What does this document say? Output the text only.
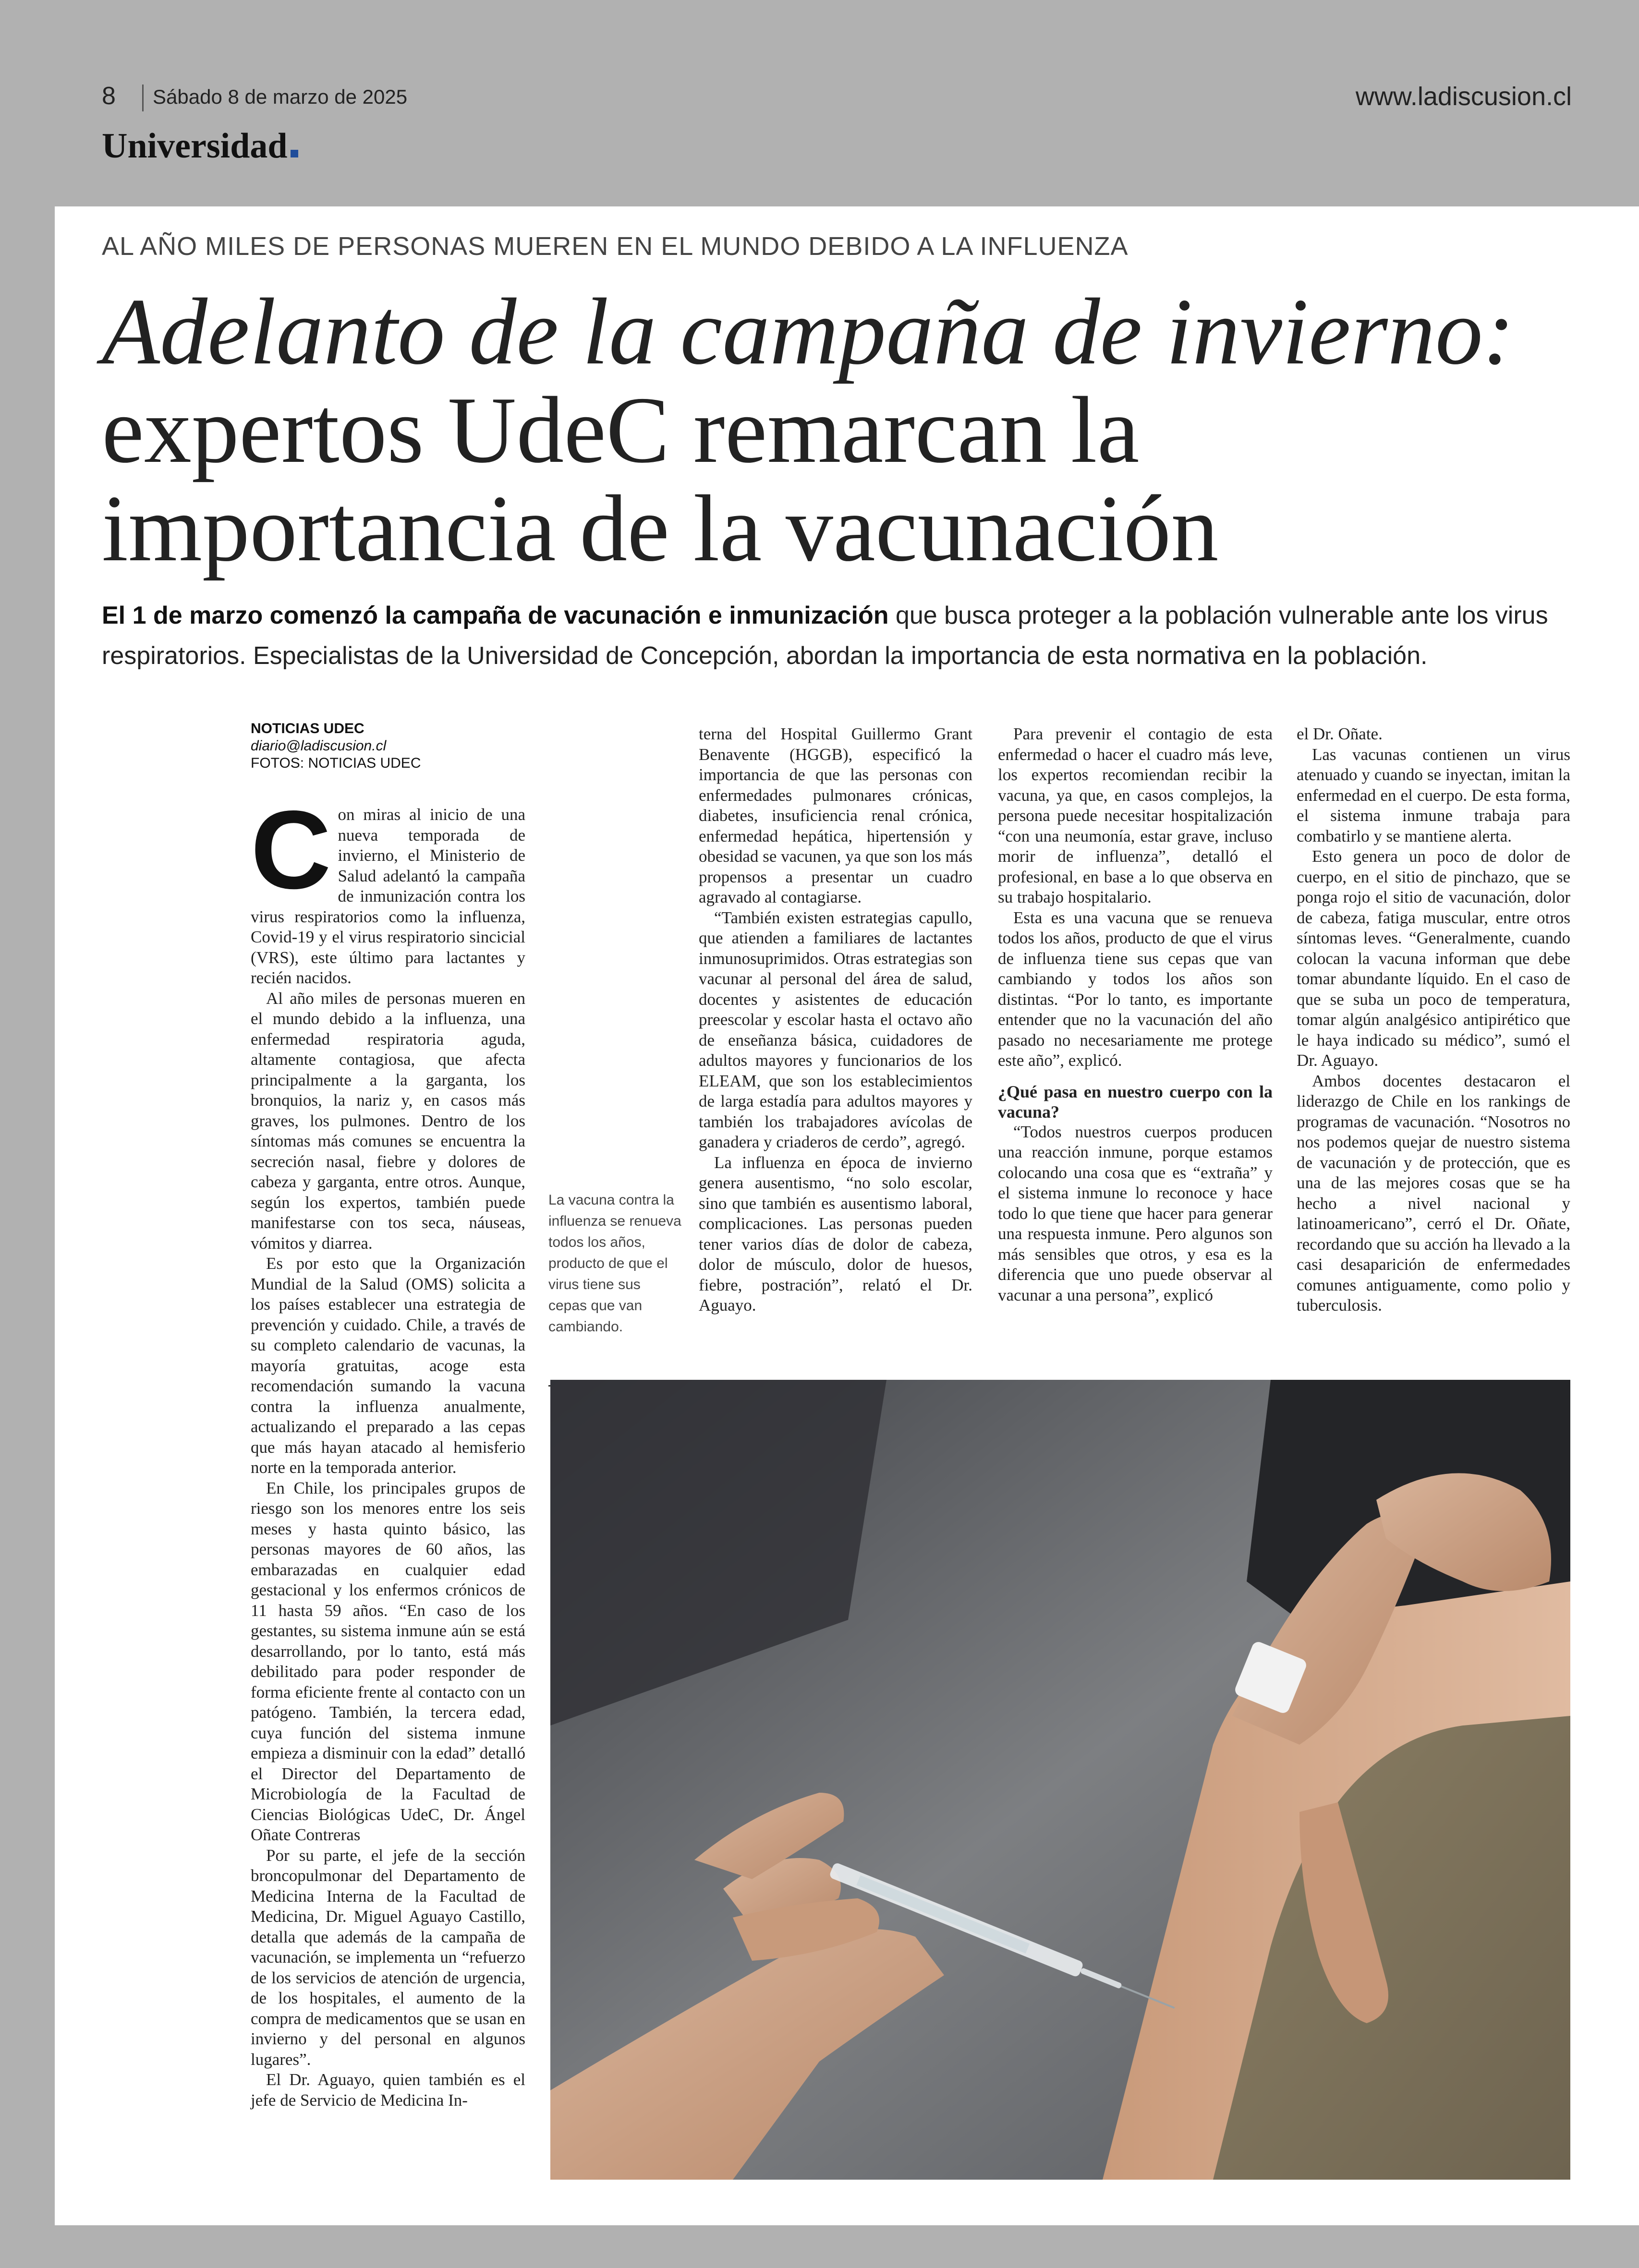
8 Sábado 8 de marzo de 2025	www.ladiscusion.cl
Universidad
AL AÑO MILES DE PERSONAS MUEREN EN EL MUNDO DEBIDO A LA INFLUENZA
Adelanto de la campaña de invierno:
expertos UdeC remarcan la
importancia de la vacunación
El 1 de marzo comenzó la campaña de vacunación e inmunización que busca proteger a la población vulnerable ante los virus respiratorios. Especialistas de la Universidad de Concepción, abordan la importancia de esta normativa en la población.
NOTICIAS UDEC
diario@ladiscusion.cl
FOTOS: NOTICIAS UDEC
C on miras al inicio de una nueva temporada de invierno, el Ministerio de Salud adelantó la campaña de inmunización contra los virus respiratorios como la influenza, Covid-19 y el virus respiratorio sincicial (VRS), este último para lactantes y recién nacidos.

Al año miles de personas mueren en el mundo debido a la influenza, una enfermedad respiratoria aguda, altamente contagiosa, que afecta principalmente a la garganta, los bronquios, la nariz y, en casos más graves, los pulmones. Dentro de los síntomas más comunes se encuentra la secreción nasal, fiebre y dolores de cabeza y garganta, entre otros. Aunque, según los expertos, también puede manifestarse con tos seca, náuseas, vómitos y diarrea.

Es por esto que la Organización Mundial de la Salud (OMS) solicita a los países establecer una estrategia de prevención y cuidado. Chile, a través de su completo calendario de vacunas, la mayoría gratuitas, acoge esta recomendación sumando la vacuna contra la influenza anualmente, actualizando el preparado a las cepas que más hayan atacado al hemisferio norte en la temporada anterior.

En Chile, los principales grupos de riesgo son los menores entre los seis meses y hasta quinto básico, las personas mayores de 60 años, las embarazadas en cualquier edad gestacional y los enfermos crónicos de 11 hasta 59 años. “En caso de los gestantes, su sistema inmune aún se está desarrollando, por lo tanto, está más debilitado para poder responder de forma eficiente frente al contacto con un patógeno. También, la tercera edad, cuya función del sistema inmune empieza a disminuir con la edad” detalló el Director del Departamento de Microbiología de la Facultad de Ciencias Biológicas UdeC, Dr. Ángel Oñate Contreras

Por su parte, el jefe de la sección broncopulmonar del Departamento de Medicina Interna de la Facultad de Medicina, Dr. Miguel Aguayo Castillo, detalla que además de la campaña de vacunación, se implementa un “refuerzo de los servicios de atención de urgencia, de los hospitales, el aumento de la compra de medicamentos que se usan en invierno y del personal en algunos lugares”.

El Dr. Aguayo, quien también es el jefe de Servicio de Medicina In-

La vacuna contra la influenza se renueva todos los años, producto de que el virus tiene sus cepas que van cambiando.

terna del Hospital Guillermo Grant Benavente (HGGB), especificó la importancia de que las personas con enfermedades pulmonares crónicas, diabetes, insuficiencia renal crónica, enfermedad hepática, hipertensión y obesidad se vacunen, ya que son los más propensos a presentar un cuadro agravado al contagiarse.

“También existen estrategias capullo, que atienden a familiares de lactantes inmunosuprimidos. Otras estrategias son vacunar al personal del área de salud, docentes y asistentes de educación preescolar y escolar hasta el octavo año de enseñanza básica, cuidadores de adultos mayores y funcionarios de los ELEAM, que son los establecimientos de larga estadía para adultos mayores y también los trabajadores avícolas de ganadera y criaderos de cerdo”, agregó.

La influenza en época de invierno genera ausentismo, “no solo escolar, sino que también es ausentismo laboral, complicaciones. Las personas pueden tener varios días de dolor de cabeza, dolor de músculo, dolor de huesos, fiebre, postración”, relató el Dr. Aguayo.

Para prevenir el contagio de esta enfermedad o hacer el cuadro más leve, los expertos recomiendan recibir la vacuna, ya que, en casos complejos, la persona puede necesitar hospitalización “con una neumonía, estar grave, incluso morir de influenza”, detalló el profesional, en base a lo que observa en su trabajo hospitalario.

Esta es una vacuna que se renueva todos los años, producto de que el virus de influenza tiene sus cepas que van cambiando y todos los años son distintas. “Por lo tanto, es importante entender que no la vacunación del año pasado no necesariamente me protege este año”, explicó.

¿Qué pasa en nuestro cuerpo con la vacuna?

“Todos nuestros cuerpos producen una reacción inmune, porque estamos colocando una cosa que es “extraña” y el sistema inmune lo reconoce y hace todo lo que tiene que hacer para generar una respuesta inmune. Pero algunos son más sensibles que otros, y esa es la diferencia que uno puede observar al vacunar a una persona”, explicó

el Dr. Oñate.

Las vacunas contienen un virus atenuado y cuando se inyectan, imitan la enfermedad en el cuerpo. De esta forma, el sistema inmune trabaja para combatirlo y se mantiene alerta.

Esto genera un poco de dolor de cuerpo, en el sitio de pinchazo, que se ponga rojo el sitio de vacunación, dolor de cabeza, fatiga muscular, entre otros síntomas leves. “Generalmente, cuando colocan la vacuna informan que debe tomar abundante líquido. En el caso de que se suba un poco de temperatura, tomar algún analgésico antipirético que le haya indicado su médico”, sumó el Dr. Aguayo.

Ambos docentes destacaron el liderazgo de Chile en los rankings de programas de vacunación. “Nosotros no nos podemos quejar de nuestro sistema de vacunación y de protección, que es una de las mejores cosas que se ha hecho a nivel nacional y latinoamericano”, cerró el Dr. Oñate, recordando que su acción ha llevado a la casi desaparición de enfermedades comunes antiguamente, como polio y tuberculosis.
